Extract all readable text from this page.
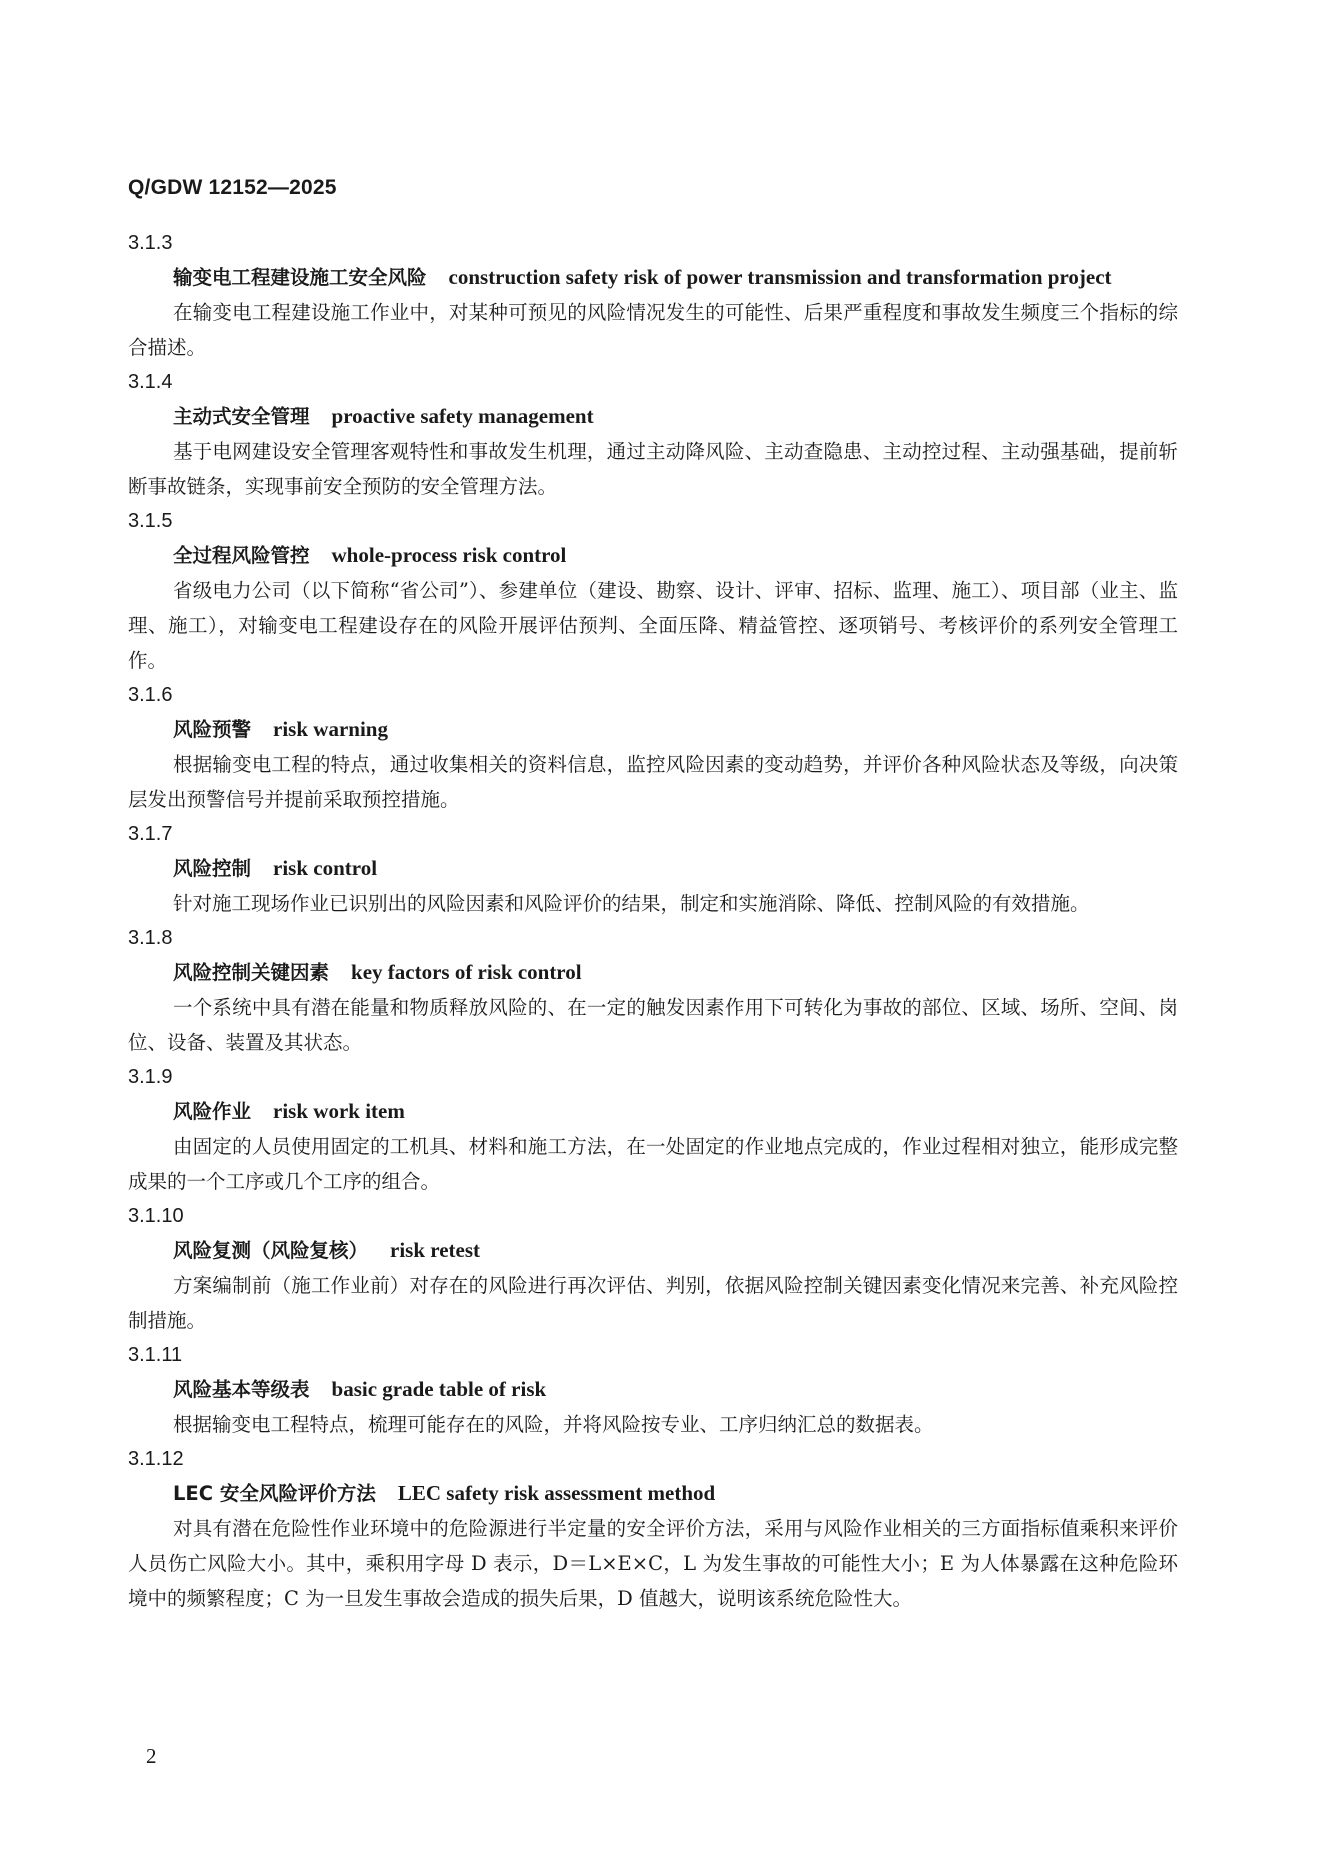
Q/GDW 12152—2025
3.1.3
输变电工程建设施工安全风险 construction safety risk of power transmission and transformation project
在输变电工程建设施工作业中，对某种可预见的风险情况发生的可能性、后果严重程度和事故发生频度三个指标的综合描述。
3.1.4
主动式安全管理 proactive safety management
基于电网建设安全管理客观特性和事故发生机理，通过主动降风险、主动查隐患、主动控过程、主动强基础，提前斩断事故链条，实现事前安全预防的安全管理方法。
3.1.5
全过程风险管控 whole-process risk control
省级电力公司（以下简称“省公司”）、参建单位（建设、勘察、设计、评审、招标、监理、施工）、项目部（业主、监理、施工），对输变电工程建设存在的风险开展评估预判、全面压降、精益管控、逐项销号、考核评价的系列安全管理工作。
3.1.6
风险预警 risk warning
根据输变电工程的特点，通过收集相关的资料信息，监控风险因素的变动趋势，并评价各种风险状态及等级，向决策层发出预警信号并提前采取预控措施。
3.1.7
风险控制 risk control
针对施工现场作业已识别出的风险因素和风险评价的结果，制定和实施消除、降低、控制风险的有效措施。
3.1.8
风险控制关键因素 key factors of risk control
一个系统中具有潜在能量和物质释放风险的、在一定的触发因素作用下可转化为事故的部位、区域、场所、空间、岗位、设备、装置及其状态。
3.1.9
风险作业 risk work item
由固定的人员使用固定的工机具、材料和施工方法，在一处固定的作业地点完成的，作业过程相对独立，能形成完整成果的一个工序或几个工序的组合。
3.1.10
风险复测（风险复核） risk retest
方案编制前（施工作业前）对存在的风险进行再次评估、判别，依据风险控制关键因素变化情况来完善、补充风险控制措施。
3.1.11
风险基本等级表 basic grade table of risk
根据输变电工程特点，梳理可能存在的风险，并将风险按专业、工序归纳汇总的数据表。
3.1.12
LEC 安全风险评价方法 LEC safety risk assessment method
对具有潜在危险性作业环境中的危险源进行半定量的安全评价方法，采用与风险作业相关的三方面指标值乘积来评价人员伤亡风险大小。其中，乘积用字母 D 表示，D＝L×E×C，L 为发生事故的可能性大小；E 为人体暴露在这种危险环境中的频繁程度；C 为一旦发生事故会造成的损失后果，D 值越大，说明该系统危险性大。
2
